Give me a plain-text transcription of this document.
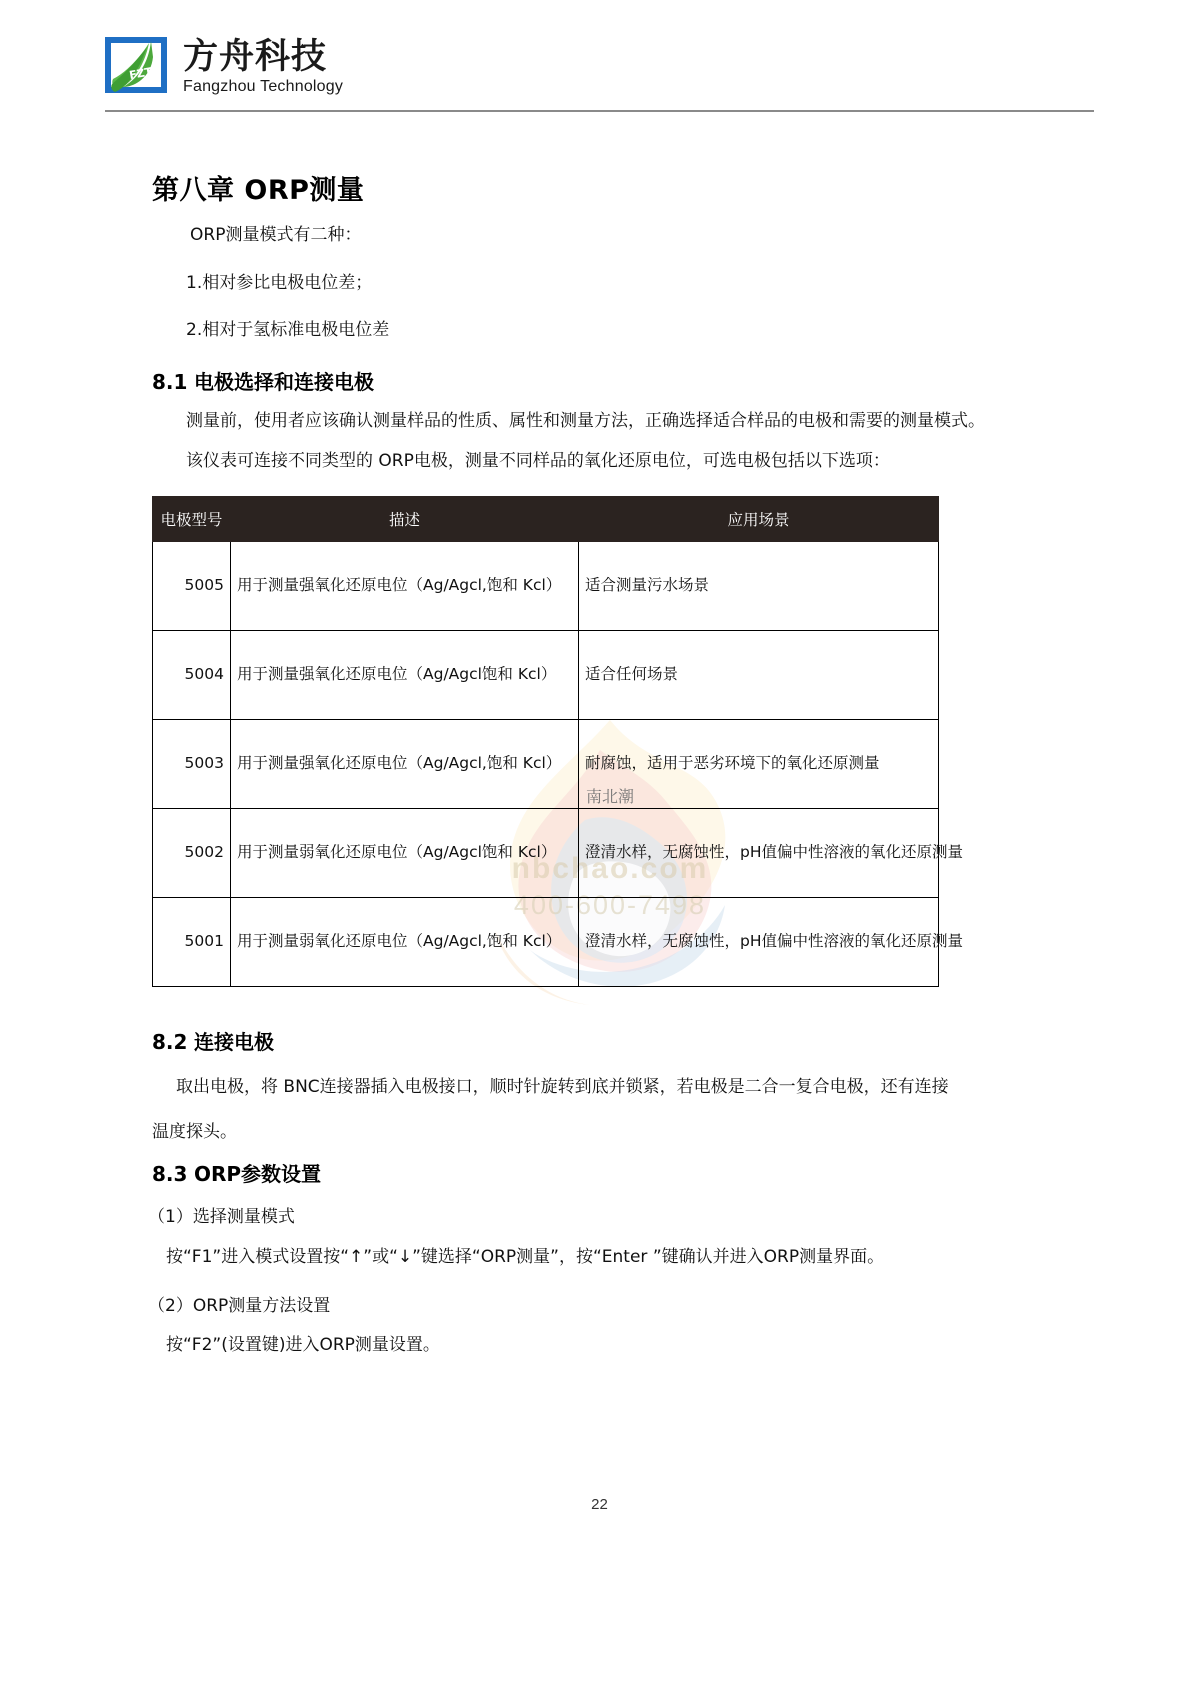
FZT 方舟科技
Fangzhou Technology
南北潮
nbchao.com
400-600-7498
第八章 ORP测量
ORP测量模式有二种：
1.相对参比电极电位差；
2.相对于氢标准电极电位差
8.1 电极选择和连接电极
测量前，使用者应该确认测量样品的性质、属性和测量方法，正确选择适合样品的电极和需要的测量模式。
该仪表可连接不同类型的 ORP电极，测量不同样品的氧化还原电位，可选电极包括以下选项：
电极型号	描述	应用场景
5005	用于测量强氧化还原电位（Ag/Agcl,饱和 Kcl）	适合测量污水场景
5004	用于测量强氧化还原电位（Ag/Agcl饱和 Kcl）	适合任何场景
5003	用于测量强氧化还原电位（Ag/Agcl,饱和 Kcl）	耐腐蚀，适用于恶劣环境下的氧化还原测量
5002	用于测量弱氧化还原电位（Ag/Agcl饱和 Kcl）	澄清水样，无腐蚀性，pH值偏中性溶液的氧化还原测量
5001	用于测量弱氧化还原电位（Ag/Agcl,饱和 Kcl）	澄清水样，无腐蚀性，pH值偏中性溶液的氧化还原测量
8.2 连接电极
取出电极，将 BNC连接器插入电极接口，顺时针旋转到底并锁紧，若电极是二合一复合电极，还有连接
温度探头。
8.3 ORP参数设置
（1）选择测量模式
按“F1”进入模式设置按“↑”或“↓”键选择“ORP测量”，按“Enter ”键确认并进入ORP测量界面。
（2）ORP测量方法设置
按“F2”(设置键)进入ORP测量设置。
22
